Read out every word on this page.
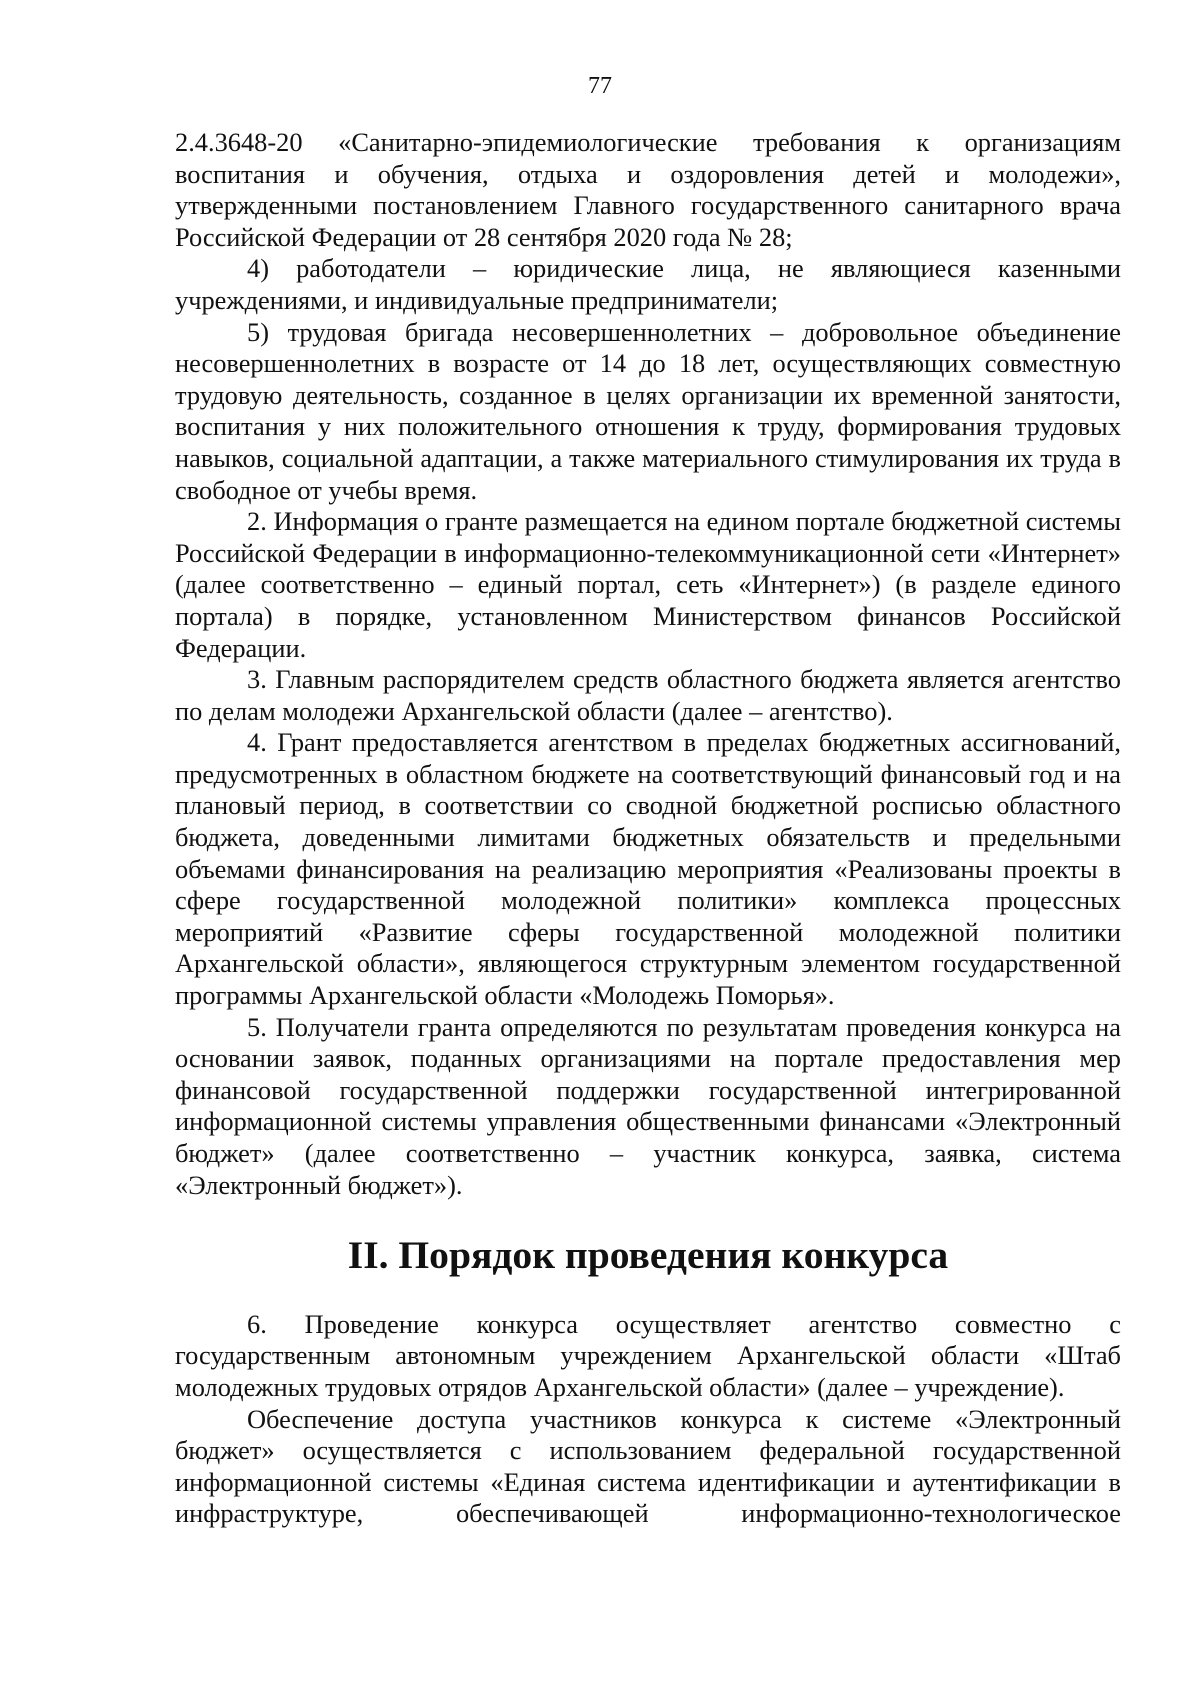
77

2.4.3648-20 «Санитарно-эпидемиологические требования к организациям воспитания и обучения, отдыха и оздоровления детей и молодежи», утвержденными постановлением Главного государственного санитарного врача Российской Федерации от 28 сентября 2020 года № 28;

4) работодатели – юридические лица, не являющиеся казенными учреждениями, и индивидуальные предприниматели;

5) трудовая бригада несовершеннолетних – добровольное объединение несовершеннолетних в возрасте от 14 до 18 лет, осуществляющих совместную трудовую деятельность, созданное в целях организации их временной занятости, воспитания у них положительного отношения к труду, формирования трудовых навыков, социальной адаптации, а также материального стимулирования их труда в свободное от учебы время.

2. Информация о гранте размещается на едином портале бюджетной системы Российской Федерации в информационно-телекоммуникационной сети «Интернет» (далее соответственно – единый портал, сеть «Интернет») (в разделе единого портала) в порядке, установленном Министерством финансов Российской Федерации.

3. Главным распорядителем средств областного бюджета является агентство по делам молодежи Архангельской области (далее – агентство).

4. Грант предоставляется агентством в пределах бюджетных ассигнований, предусмотренных в областном бюджете на соответствующий финансовый год и на плановый период, в соответствии со сводной бюджетной росписью областного бюджета, доведенными лимитами бюджетных обязательств и предельными объемами финансирования на реализацию мероприятия «Реализованы проекты в сфере государственной молодежной политики» комплекса процессных мероприятий «Развитие сферы государственной молодежной политики Архангельской области», являющегося структурным элементом государственной программы Архангельской области «Молодежь Поморья».

5. Получатели гранта определяются по результатам проведения конкурса на основании заявок, поданных организациями на портале предоставления мер финансовой государственной поддержки государственной интегрированной информационной системы управления общественными финансами «Электронный бюджет» (далее соответственно – участник конкурса, заявка, система «Электронный бюджет»).

II. Порядок проведения конкурса

6. Проведение конкурса осуществляет агентство совместно с государственным автономным учреждением Архангельской области «Штаб молодежных трудовых отрядов Архангельской области» (далее – учреждение).

Обеспечение доступа участников конкурса к системе «Электронный бюджет» осуществляется с использованием федеральной государственной информационной системы «Единая система идентификации и аутентификации в инфраструктуре, обеспечивающей информационно-технологическое
